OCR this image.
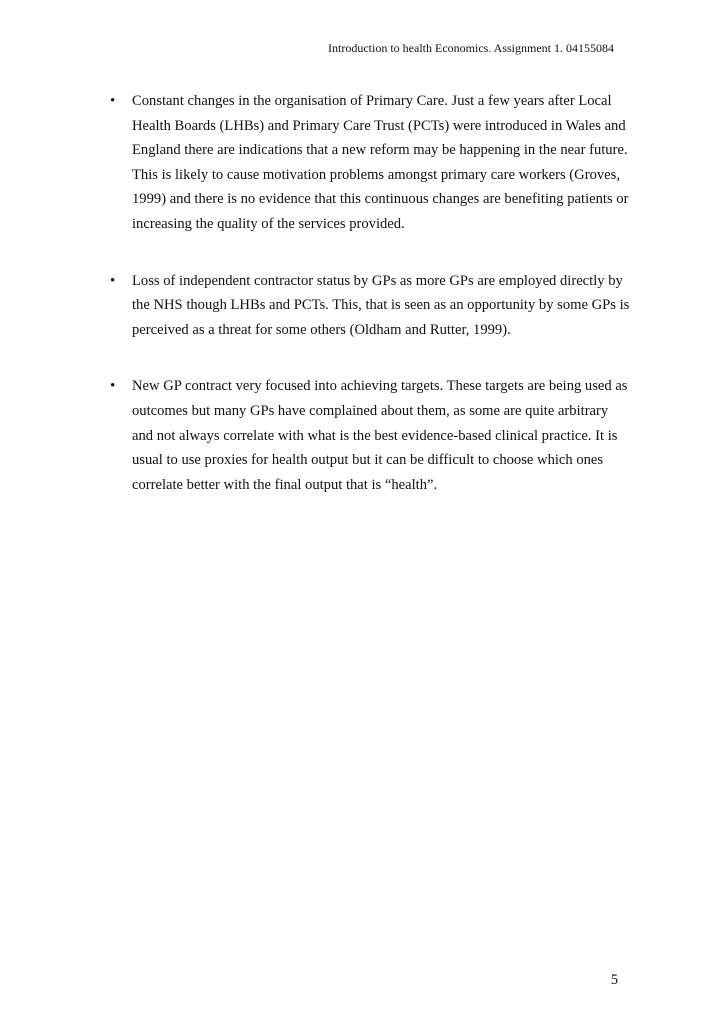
Introduction to health Economics. Assignment 1. 04155084
• Constant changes in the organisation of Primary Care. Just a few years after Local Health Boards (LHBs) and Primary Care Trust (PCTs) were introduced in Wales and England there are indications that a new reform may be happening in the near future. This is likely to cause motivation problems amongst primary care workers (Groves, 1999) and there is no evidence that this continuous changes are benefiting patients or increasing the quality of the services provided.

• Loss of independent contractor status by GPs as more GPs are employed directly by the NHS though LHBs and PCTs. This, that is seen as an opportunity by some GPs is perceived as a threat for some others (Oldham and Rutter, 1999).

• New GP contract very focused into achieving targets. These targets are being used as outcomes but many GPs have complained about them, as some are quite arbitrary and not always correlate with what is the best evidence-based clinical practice. It is usual to use proxies for health output but it can be difficult to choose which ones correlate better with the final output that is “health”.

5
